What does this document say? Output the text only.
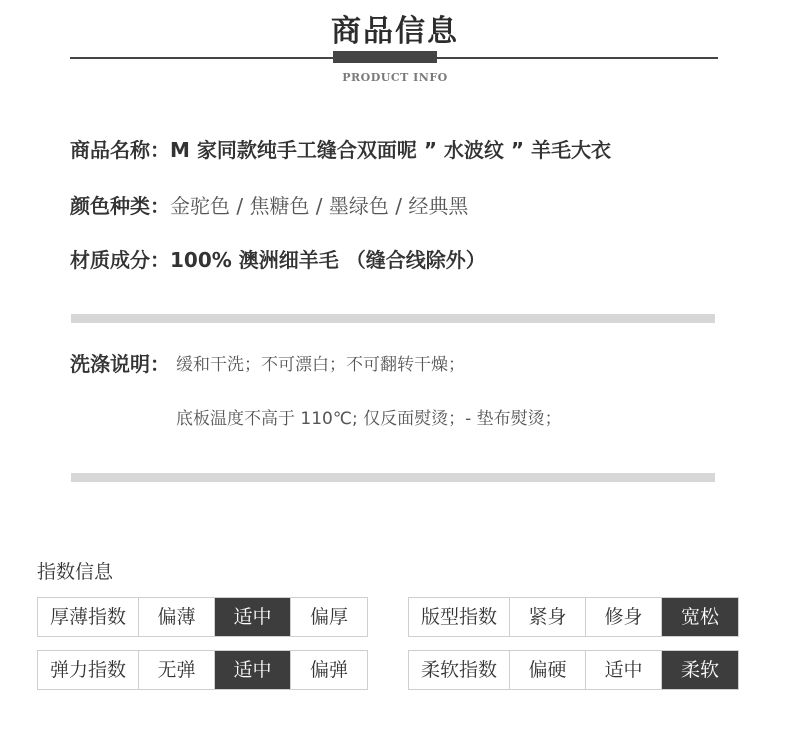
商品信息
PRODUCT INFO
商品名称：M 家同款纯手工缝合双面呢 ” 水波纹 ” 羊毛大衣
颜色种类：金驼色 / 焦糖色 / 墨绿色 / 经典黑
材质成分：100% 澳洲细羊毛 （缝合线除外）
洗涤说明： 缓和干洗；不可漂白；不可翻转干燥；
底板温度不高于 110℃; 仅反面熨烫；- 垫布熨烫；
指数信息
厚薄指数	偏薄	适中	偏厚
弹力指数	无弹	适中	偏弹
版型指数	紧身	修身	宽松
柔软指数	偏硬	适中	柔软
